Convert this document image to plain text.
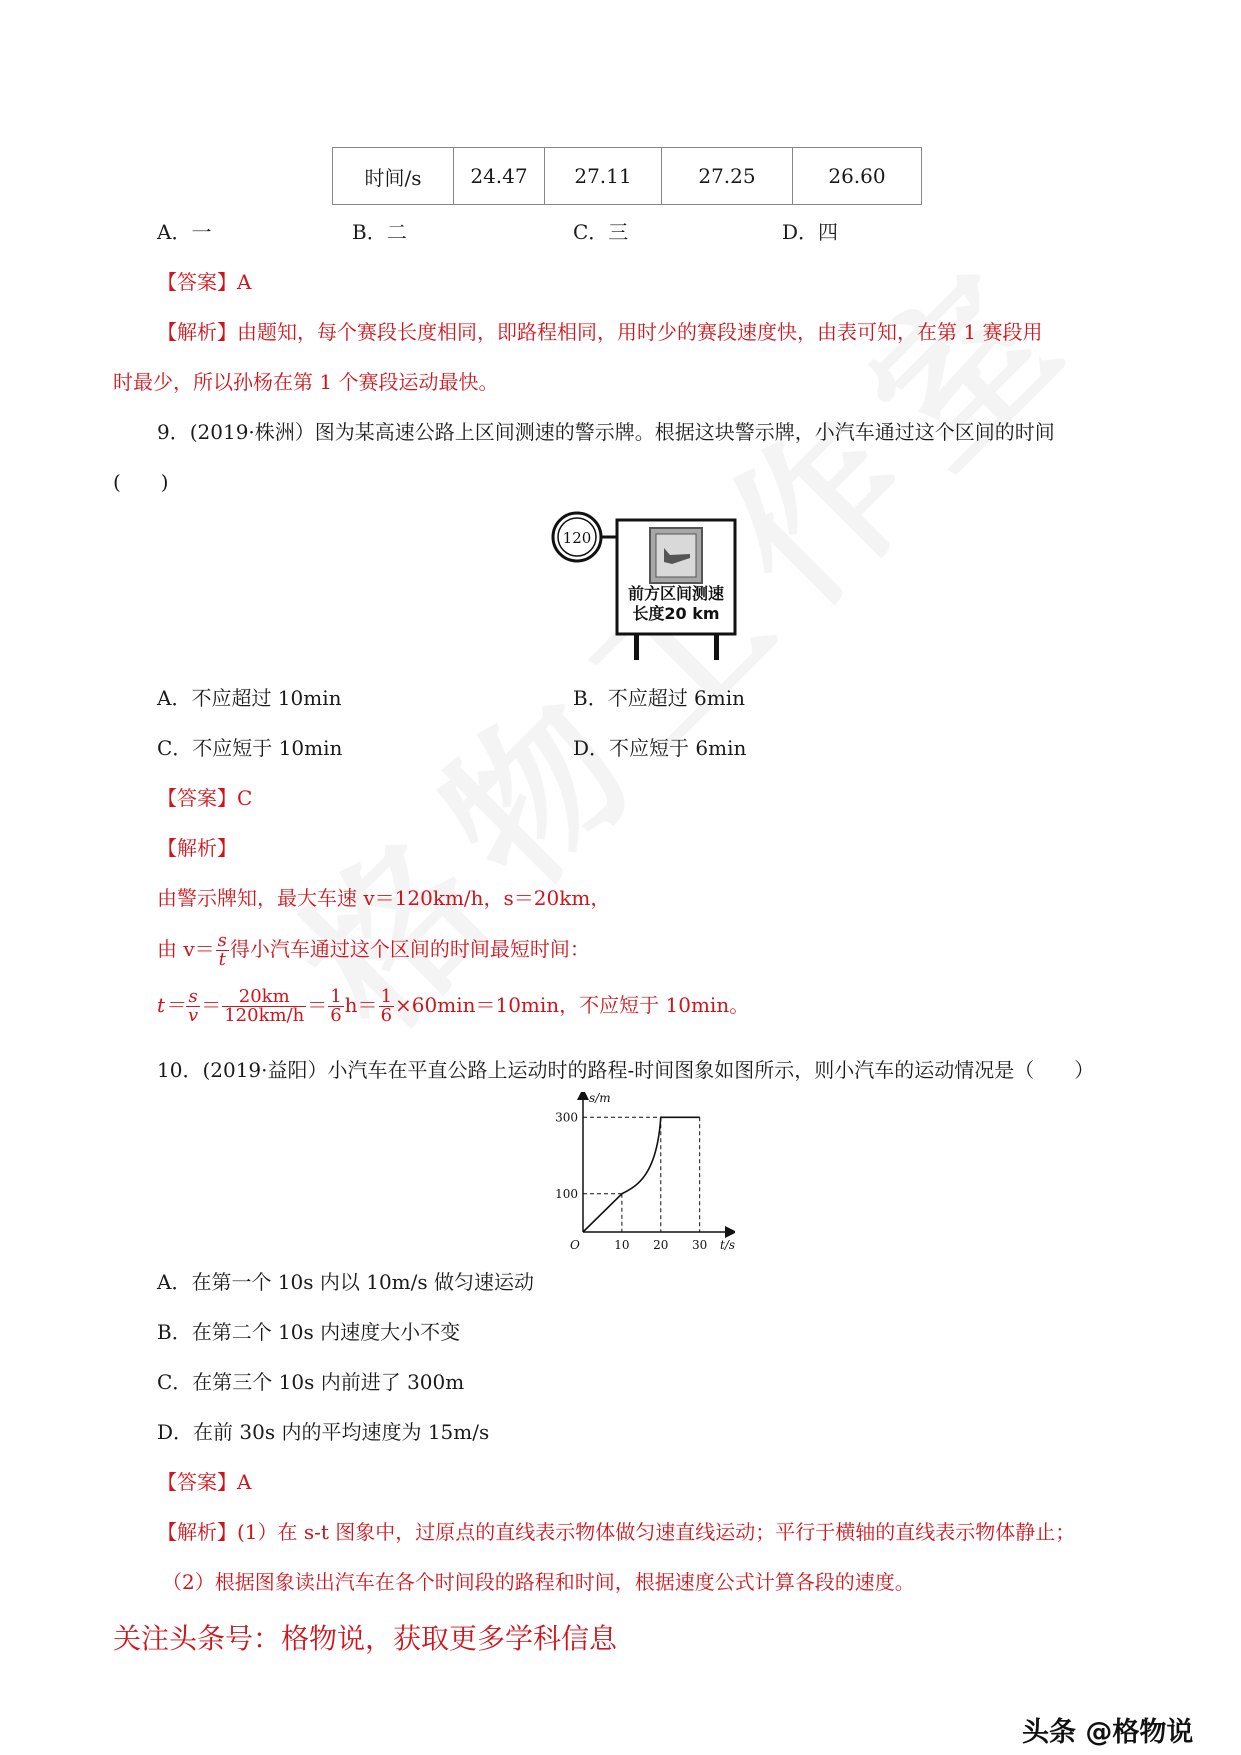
时间/s	24.47	27.11	27.25	26.60
A．一	B．二	C．三	D．四
【答案】A
【解析】由题知，每个赛段长度相同，即路程相同，用时少的赛段速度快，由表可知，在第 1 赛段用
时最少，所以孙杨在第 1 个赛段运动最快。
9．(2019·株洲）图为某高速公路上区间测速的警示牌。根据这块警示牌，小汽车通过这个区间的时间
(　　)
120
前方区间测速
长度20 km
A．不应超过 10min	B．不应超过 6min
C．不应短于 10min	D．不应短于 6min
【答案】C
【解析】
由警示牌知，最大车速 v＝120km/h，s＝20km，
由 $v= \frac{s}{t}$ 得小汽车通过这个区间的时间最短时间：
$t= \frac{s}{v} = \frac{20km}{120km/h} = \frac{1}{6} h= \frac{1}{6} \times 60\min=10\min$，不应短于 10min。
10．(2019·益阳）小汽车在平直公路上运动时的路程-时间图象如图所示，则小汽车的运动情况是（　　）
s/m
t/s
O	10 20 30
100
300
A．在第一个 10s 内以 10m/s 做匀速运动
B．在第二个 10s 内速度大小不变
C．在第三个 10s 内前进了 300m
D．在前 30s 内的平均速度为 15m/s
【答案】A
【解析】(1）在 s-t 图象中，过原点的直线表示物体做匀速直线运动；平行于横轴的直线表示物体静止；
（2）根据图象读出汽车在各个时间段的路程和时间，根据速度公式计算各段的速度。
关注头条号：格物说，获取更多学科信息
头条 @格物说
